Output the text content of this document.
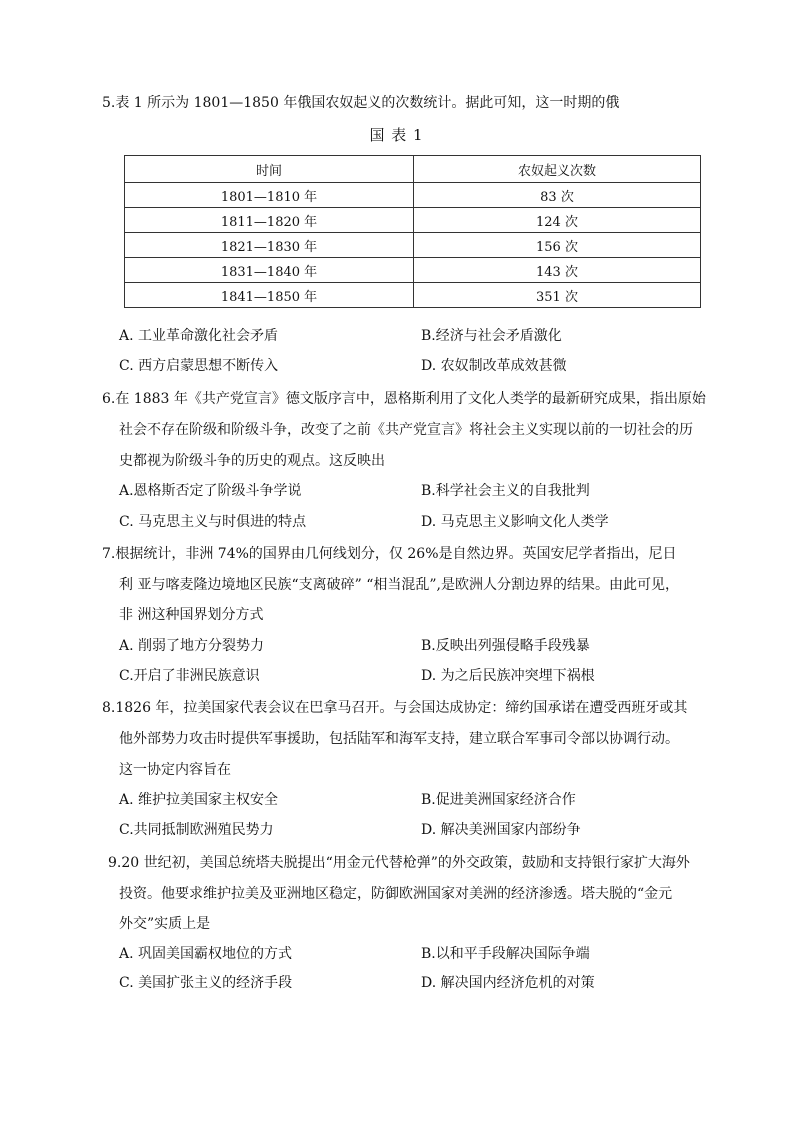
5.表 1 所示为 1801—1850 年俄国农奴起义的次数统计。据此可知，这一时期的俄
国 表 1
时间	农奴起义次数
1801—1810 年	83 次
1811—1820 年	124 次
1821—1830 年	156 次
1831—1840 年	143 次
1841—1850 年	351 次
A. 工业革命激化社会矛盾	B.经济与社会矛盾激化
C. 西方启蒙思想不断传入	D. 农奴制改革成效甚微
6.在 1883 年《共产党宣言》德文版序言中，恩格斯利用了文化人类学的最新研究成果，指出原始
社会不存在阶级和阶级斗争，改变了之前《共产党宣言》将社会主义实现以前的一切社会的历
史都视为阶级斗争的历史的观点。这反映出
A.恩格斯否定了阶级斗争学说	B.科学社会主义的自我批判
C. 马克思主义与时俱进的特点	D. 马克思主义影响文化人类学
7.根据统计，非洲 74%的国界由几何线划分，仅 26%是自然边界。英国安尼学者指出，尼日
利 亚与喀麦隆边境地区民族“支离破碎” “相当混乱”,是欧洲人分割边界的结果。由此可见，
非 洲这种国界划分方式
A. 削弱了地方分裂势力	B.反映出列强侵略手段残暴
C.开启了非洲民族意识	D. 为之后民族冲突埋下祸根
8.1826 年，拉美国家代表会议在巴拿马召开。与会国达成协定：缔约国承诺在遭受西班牙或其
他外部势力攻击时提供军事援助，包括陆军和海军支持，建立联合军事司令部以协调行动。
这一协定内容旨在
A. 维护拉美国家主权安全	B.促进美洲国家经济合作
C.共同抵制欧洲殖民势力	D. 解决美洲国家内部纷争
9.20 世纪初，美国总统塔夫脱提出“用金元代替枪弹”的外交政策，鼓励和支持银行家扩大海外
投资。他要求维护拉美及亚洲地区稳定，防御欧洲国家对美洲的经济渗透。塔夫脱的“金元
外交”实质上是
A. 巩固美国霸权地位的方式	B.以和平手段解决国际争端
C. 美国扩张主义的经济手段	D. 解决国内经济危机的对策
